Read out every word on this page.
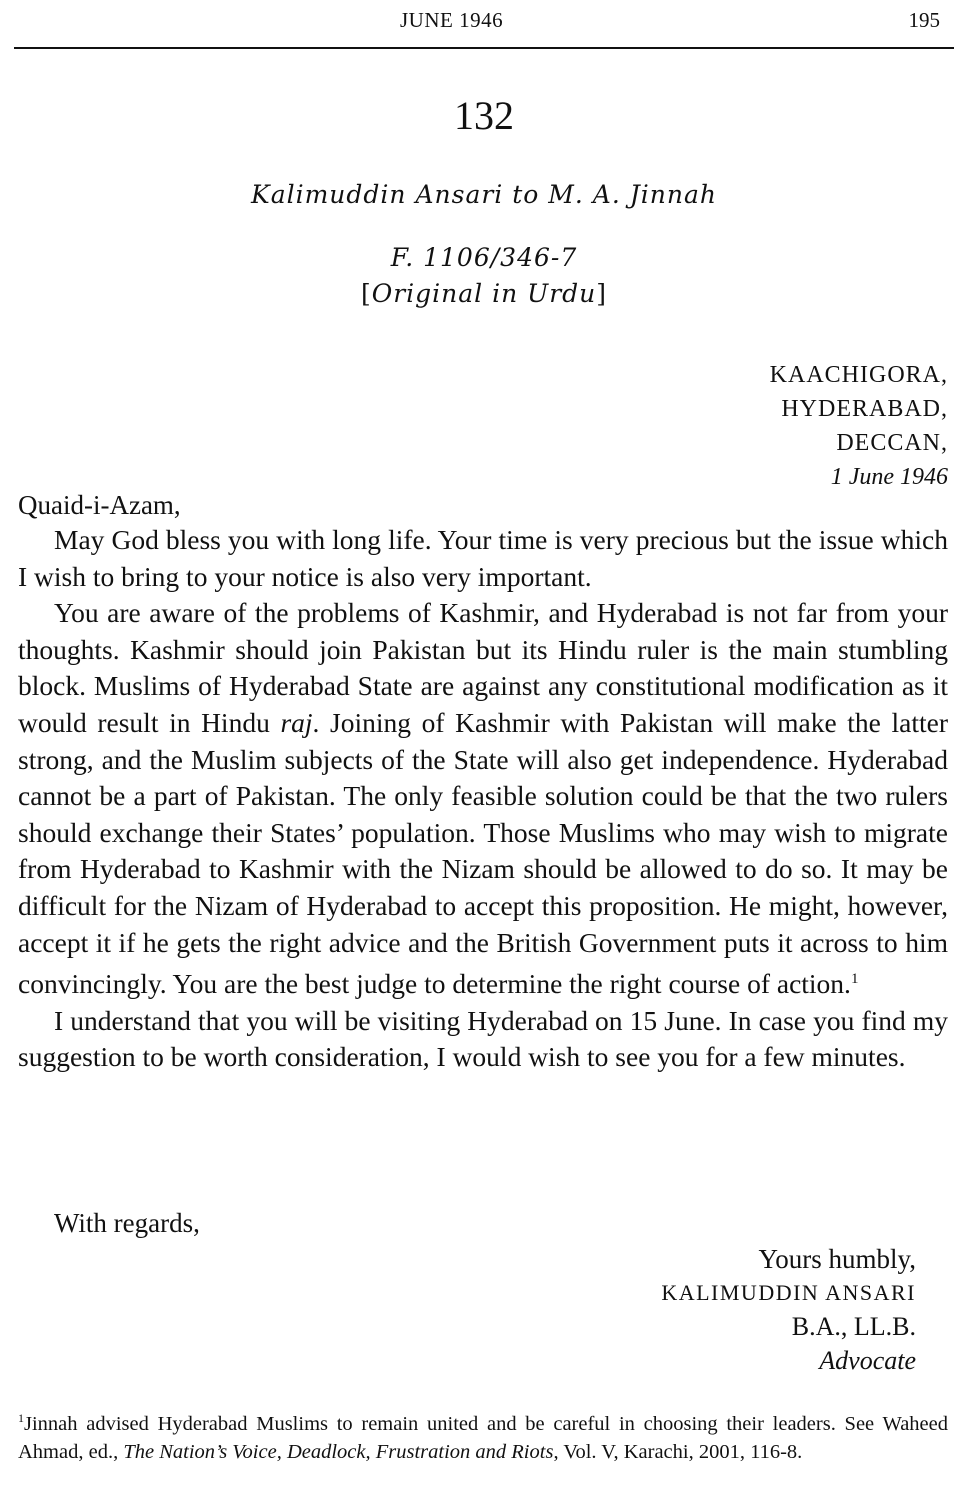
JUNE 1946	195
132
Kalimuddin Ansari to M. A. Jinnah
F. 1106/346-7
[Original in Urdu]
KAACHIGORA,
HYDERABAD,
DECCAN,
1 June 1946
Quaid-i-Azam,

May God bless you with long life. Your time is very precious but the issue which I wish to bring to your notice is also very important.

You are aware of the problems of Kashmir, and Hyderabad is not far from your thoughts. Kashmir should join Pakistan but its Hindu ruler is the main stumbling block. Muslims of Hyderabad State are against any constitutional modification as it would result in Hindu raj. Joining of Kashmir with Pakistan will make the latter strong, and the Muslim subjects of the State will also get independence. Hyderabad cannot be a part of Pakistan. The only feasible solution could be that the two rulers should exchange their States’ population. Those Muslims who may wish to migrate from Hyderabad to Kashmir with the Nizam should be allowed to do so. It may be difficult for the Nizam of Hyderabad to accept this proposition. He might, however, accept it if he gets the right advice and the British Government puts it across to him convincingly. You are the best judge to determine the right course of action.$^1$

I understand that you will be visiting Hyderabad on 15 June. In case you find my suggestion to be worth consideration, I would wish to see you for a few minutes.

With regards,
Yours humbly,
KALIMUDDIN ANSARI
B.A., LL.B.
Advocate

$^1$Jinnah advised Hyderabad Muslims to remain united and be careful in choosing their leaders. See Waheed Ahmad, ed., The Nation’s Voice, Deadlock, Frustration and Riots, Vol. V, Karachi, 2001, 116-8.
